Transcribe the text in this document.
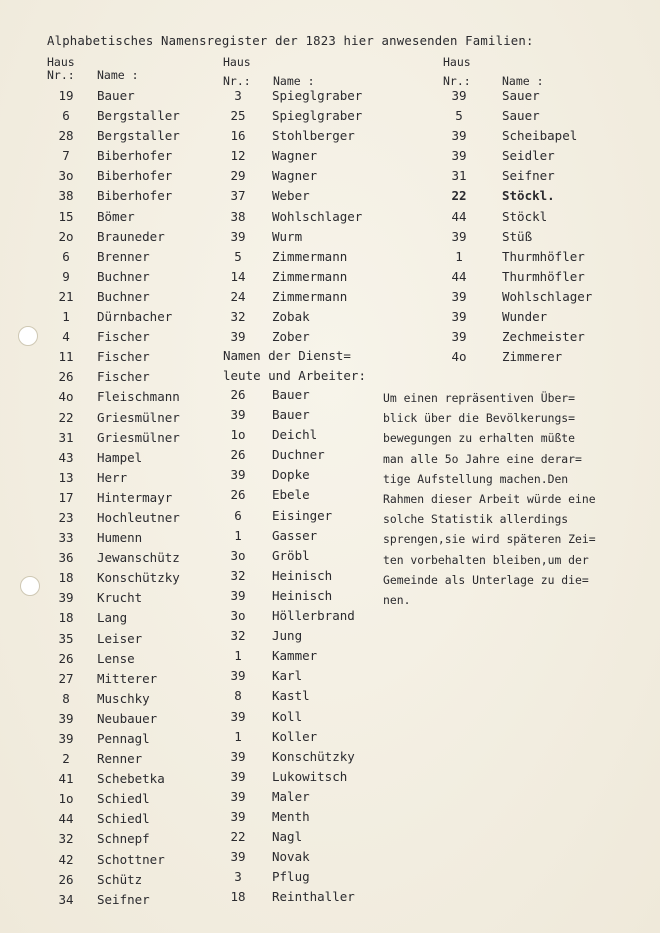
Alphabetisches Namensregister der 1823 hier anwesenden Familien:
Haus
Nr.: Name :
Haus
Nr.: Name :
Haus
Nr.:	Name :
19	Bauer
6	Bergstaller
28	Bergstaller
7	Biberhofer
3o	Biberhofer
38	Biberhofer
15	Bömer
2o	Brauneder
6	Brenner
9	Buchner
21	Buchner
1	Dürnbacher
4	Fischer
11	Fischer
26	Fischer
4o	Fleischmann
22	Griesmülner
31	Griesmülner
43	Hampel
13	Herr
17	Hintermayr
23	Hochleutner
33	Humenn
36	Jewanschütz
18	Konschützky
39	Krucht
18	Lang
35	Leiser
26	Lense
27	Mitterer
8	Muschky
39	Neubauer
39	Pennagl
2	Renner
41	Schebetka
1o	Schiedl
44	Schiedl
32	Schnepf
42	Schottner
26	Schütz
34	Seifner
3	Spieglgraber
25	Spieglgraber
16	Stohlberger
12	Wagner
29	Wagner
37	Weber
38	Wohlschlager
39	Wurm
5	Zimmermann
14	Zimmermann
24	Zimmermann
32	Zobak
39	Zober
Namen der Dienst=
leute und Arbeiter:
26	Bauer
39	Bauer
1o	Deichl
26	Duchner
39	Dopke
26	Ebele
6	Eisinger
1	Gasser
3o	Gröbl
32	Heinisch
39	Heinisch
3o	Höllerbrand
32	Jung
1	Kammer
39	Karl
8	Kastl
39	Koll
1	Koller
39	Konschützky
39	Lukowitsch
39	Maler
39	Menth
22	Nagl
39	Novak
3	Pflug
18	Reinthaller
39	Sauer
5	Sauer
39	Scheibapel
39	Seidler
31	Seifner
22	Stöckl.
44	Stöckl
39	Stüß
1	Thurmhöfler
44	Thurmhöfler
39	Wohlschlager
39	Wunder
39	Zechmeister
4o	Zimmerer
Um einen repräsentiven Über=
blick über die Bevölkerungs=
bewegungen zu erhalten müßte
man alle 5o Jahre eine derar=
tige Aufstellung machen.Den
Rahmen dieser Arbeit würde eine
solche Statistik allerdings
sprengen,sie wird späteren Zei=
ten vorbehalten bleiben,um der
Gemeinde als Unterlage zu die=
nen.
